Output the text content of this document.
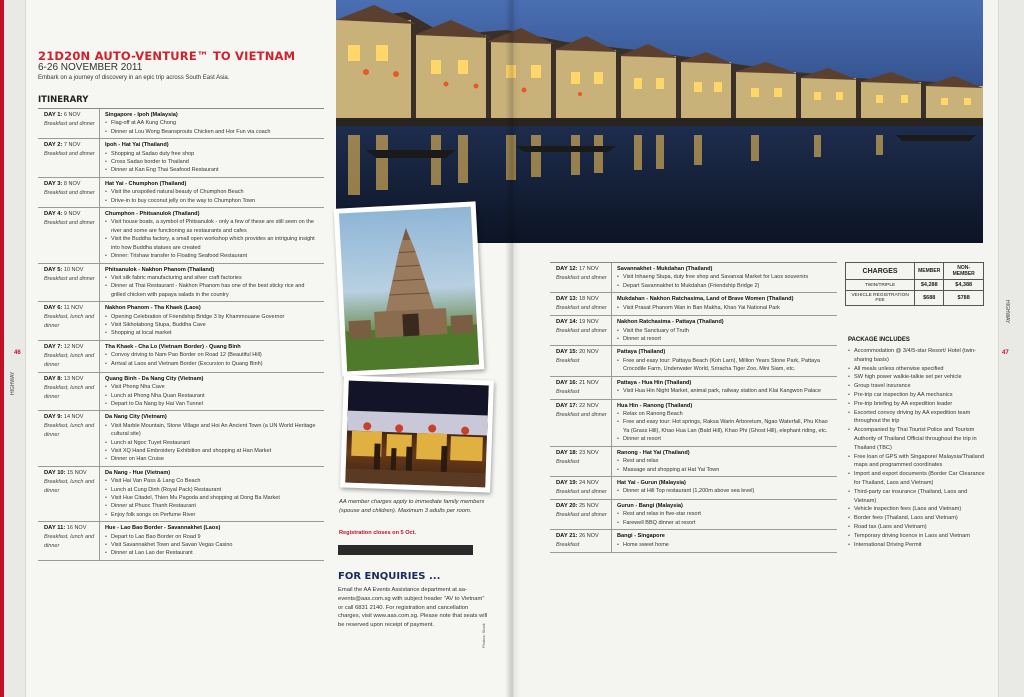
46
HIGHWAY
47
HIGHWAY
21D20N AUTO-VENTURE™ TO VIETNAM
6-26 NOVEMBER 2011
Embark on a journey of discovery in an epic trip across South East Asia.
ITINERARY
DAY 1: 6 NOV
Breakfast and dinner
Singapore - Ipoh (Malaysia)
• Flag-off at AA Kung Chong
• Dinner at Lou Wong Beansprouts Chicken and Hor Fun via coach
DAY 2: 7 NOV
Breakfast and dinner
Ipoh - Hat Yai (Thailand)
• Shopping at Sadao duty free shop
• Cross Sadao border to Thailand
• Dinner at Kan Eng Thai Seafood Restaurant
DAY 3: 8 NOV
Breakfast and dinner
Hat Yai - Chumphon (Thailand)
• Visit the unspoiled natural beauty of Chumphon Beach
• Drive-in to buy coconut jelly on the way to Chumphon Town
DAY 4: 9 NOV
Breakfast and dinner
Chumphon - Phitsanulok (Thailand)
• Visit house boats, a symbol of Phitsanulok - only a few of these are still seen on the river and some are functioning as restaurants and cafes
• Visit the Buddha factory, a small open workshop which provides an intriguing insight into how Buddha statues are created
• Dinner: Trishaw transfer to Floating Seafood Restaurant
DAY 5: 10 NOV
Breakfast and dinner
Phitsanulok - Nakhon Phanom (Thailand)
• Visit silk fabric manufacturing and silver craft factories
• Dinner at Thai Restaurant - Nakhon Phanom has one of the best sticky rice and grilled chicken with papaya salads in the country
DAY 6: 11 NOV
Breakfast, lunch and dinner
Nakhon Phanom - Tha Khaek (Laos)
• Opening Celebration of Friendship Bridge 3 by Khammouane Governor
• Visit Sikhotabong Stupa, Buddha Cave
• Shopping at local market
DAY 7: 12 NOV
Breakfast, lunch and dinner
Tha Khaek - Cha Lo (Vietnam Border) - Quang Binh
• Convoy driving to Nam Pao Border on Road 12 (Beautiful Hill)
• Arrival at Laos and Vietnam Border (Excursion to Quang Binh)
DAY 8: 13 NOV
Breakfast, lunch and dinner
Quang Binh - Da Nang City (Vietnam)
• Visit Phong Nha Cave
• Lunch at Phong Nha Quan Restaurant
• Depart to Da Nang by Hai Van Tunnel
DAY 9: 14 NOV
Breakfast, lunch and dinner
Da Nang City (Vietnam)
• Visit Marble Mountain, Stone Village and Hoi An Ancient Town (a UN World Heritage cultural site)
• Lunch at Ngoc Tuyet Restaurant
• Visit XQ Hand Embroidery Exhibition and shopping at Han Market
• Dinner on Han Cruise
DAY 10: 15 NOV
Breakfast, lunch and dinner
Da Nang - Hue (Vietnam)
• Visit Hai Van Pass & Lang Co Beach
• Lunch at Cung Dinh (Royal Pack) Restaurant
• Visit Hue Citadel, Thien Mu Pagoda and shopping at Dong Ba Market
• Dinner at Phuoc Thanh Restaurant
• Enjoy folk songs on Perfume River
DAY 11: 16 NOV
Breakfast, lunch and dinner
Hue - Lao Bao Border - Savannakhet (Laos)
• Depart to Lao Bao Border on Road 9
• Visit Savannakhet Town and Savan Vegas Casino
• Dinner at Lao Lao der Restaurant
AA member charges apply to immediate family members (spouse and children). Maximum 3 adults per room.
Registration closes on 5 Oct.
FOR ENQUIRIES ...
Email the AA Events Assistance department at aa-events@aas.com.sg with subject header "AV to Vietnam" or call 6831 2140. For registration and cancellation charges, visit www.aas.com.sg. Please note that seats will be reserved upon receipt of payment.	Photos: Stock
DAY 12: 17 NOV
Breakfast and dinner
Savannakhet - Mukdahan (Thailand)
• Visit Inhaeng Stupa, duty free shop and Savanxai Market for Laos souvenirs
• Depart Savannakhet to Mukdahan (Friendship Bridge 2)
DAY 13: 18 NOV
Breakfast and dinner
Mukdahan - Nakhon Ratchasima, Land of Brave Women (Thailand)
• Visit Prasat Phanom Wan in Ban Makha, Khao Yai National Park
DAY 14: 19 NOV
Breakfast and dinner
Nakhon Ratchasima - Pattaya (Thailand)
• Visit the Sanctuary of Truth
• Dinner at resort
DAY 15: 20 NOV
Breakfast
Pattaya (Thailand)
• Free and easy tour: Pattaya Beach (Koh Larn), Million Years Stone Park, Pattaya Crocodile Farm, Underwater World, Sriracha Tiger Zoo, Mini Siam, etc.
DAY 16: 21 NOV
Breakfast
Pattaya - Hua Hin (Thailand)
• Visit Hua Hin Night Market, animal park, railway station and Klai Kangwon Palace
DAY 17: 22 NOV
Breakfast and dinner
Hua Hin - Ranong (Thailand)
• Relax on Ranong Beach
• Free and easy tour: Hot springs, Raksa Warin Arboretum, Ngao Waterfall, Phu Khao Ya (Grass Hill), Khao Hua Lan (Bald Hill), Khao Phi (Ghost Hill), elephant riding, etc.
• Dinner at resort
DAY 18: 23 NOV
Breakfast
Ranong - Hat Yai (Thailand)
• Rest and relax
• Massage and shopping at Hat Yai Town
DAY 19: 24 NOV
Breakfast and dinner
Hat Yai - Gurun (Malaysia)
• Dinner at Hill Top restaurant (1,200m above sea level)
DAY 20: 25 NOV
Breakfast and dinner
Gurun - Bangi (Malaysia)
• Rest and relax in five-star resort
• Farewell BBQ dinner at resort
DAY 21: 26 NOV
Breakfast
Bangi - Singapore
• Home sweet home
CHARGES	MEMBER	NON-MEMBER
TWIN/TRIPLE	$4,288	$4,388
VEHICLE REGISTRATION FEE	$688	$788
PACKAGE INCLUDES
• Accommodation @ 3/4/5-star Resort/ Hotel (twin-sharing basis)
• All meals unless otherwise specified
• SW high power walkie-talkie set per vehicle
• Group travel insurance
• Pre-trip car inspection by AA mechanics
• Pre-trip briefing by AA expedition leader
• Escorted convoy driving by AA expedition team throughout the trip
• Accompanied by Thai Tourist Police and Tourism Authority of Thailand Official throughout the trip in Thailand (TBC)
• Free loan of GPS with Singapore/ Malaysia/Thailand maps and programmed coordinates
• Import and export documents (Border Car Clearance for Thailand, Laos and Vietnam)
• Third-party car insurance (Thailand, Laos and Vietnam)
• Vehicle inspection fees (Laos and Vietnam)
• Border fees (Thailand, Laos and Vietnam)
• Road tax (Laos and Vietnam)
• Temporary driving licence in Laos and Vietnam
• International Driving Permit
